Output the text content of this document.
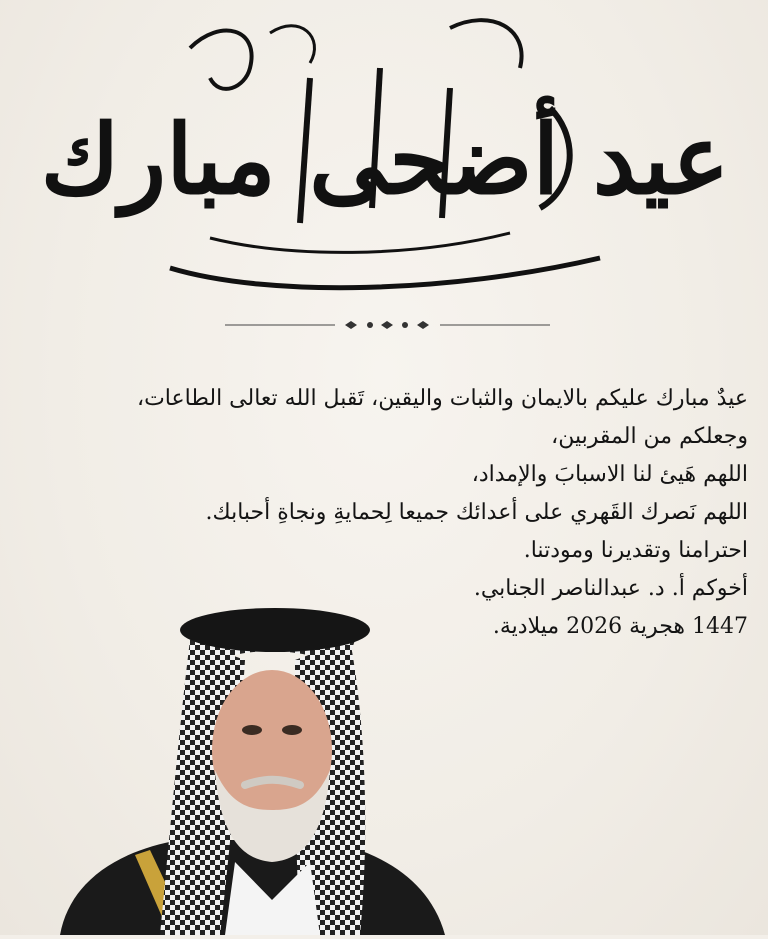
عيد أضحى مبارك

عيدٌ مبارك عليكم بالايمان والثبات واليقين، تَقبل الله تعالى الطاعات،

وجعلكم من المقربين،

اللهم هَيئ لنا الاسبابَ والإمداد،

اللهم نَصرك القَهري على أعدائك جميعا لِحمايةِ ونجاةِ أحبابك.

احترامنا وتقديرنا ومودتنا.

أخوكم أ. د. عبدالناصر الجنابي.

1447 هجرية 2026 ميلادية.
